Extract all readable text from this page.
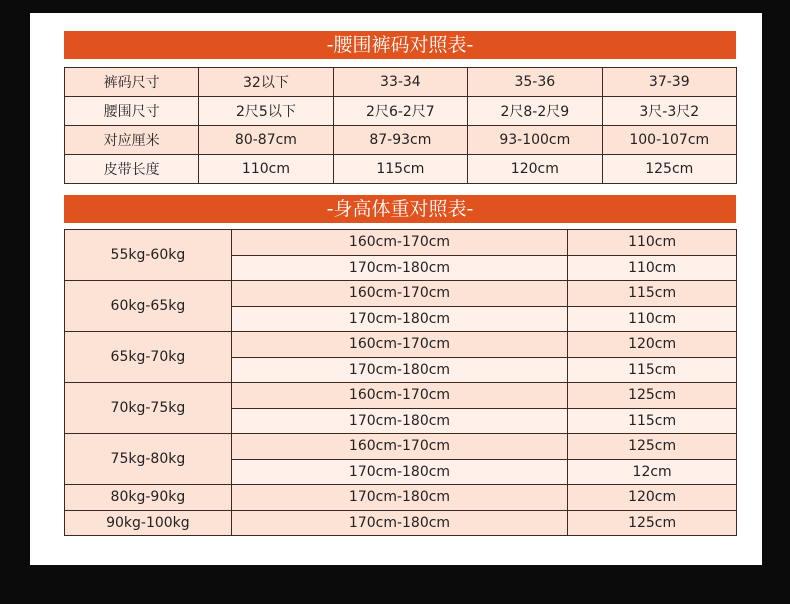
-腰围裤码对照表-
裤码尺寸	32以下	33-34	35-36	37-39
腰围尺寸	2尺5以下	2尺6-2尺7	2尺8-2尺9	3尺-3尺2
对应厘米	80-87cm	87-93cm	93-100cm	100-107cm
皮带长度	110cm	115cm	120cm	125cm
-身高体重对照表-
55kg-60kg	160cm-170cm	110cm
	170cm-180cm	110cm
60kg-65kg	160cm-170cm	115cm
	170cm-180cm	110cm
65kg-70kg	160cm-170cm	120cm
	170cm-180cm	115cm
70kg-75kg	160cm-170cm	125cm
	170cm-180cm	115cm
75kg-80kg	160cm-170cm	125cm
	170cm-180cm	12cm
80kg-90kg	170cm-180cm	120cm
90kg-100kg	170cm-180cm	125cm
